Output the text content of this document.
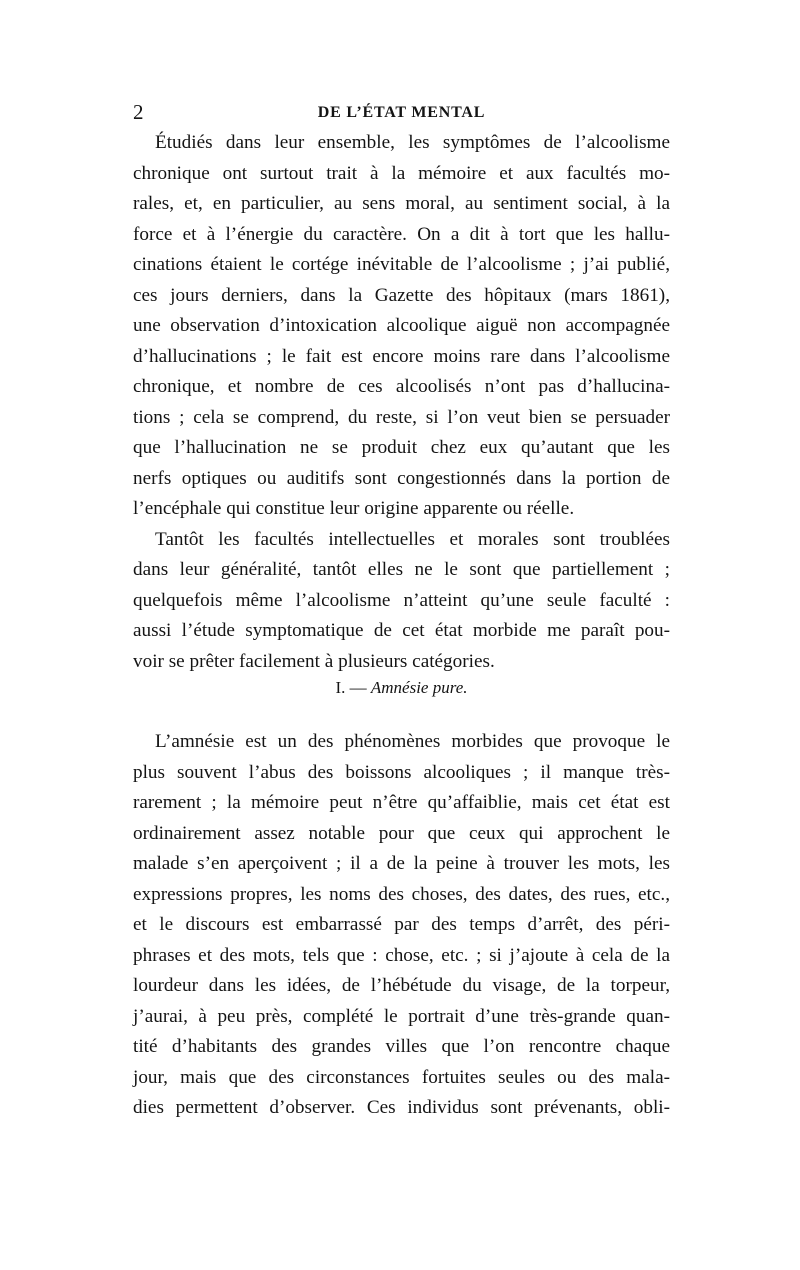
2	DE L’ÉTAT MENTAL
Étudiés dans leur ensemble, les symptômes de l’alcoolisme
chronique ont surtout trait à la mémoire et aux facultés mo-
rales, et, en particulier, au sens moral, au sentiment social, à la
force et à l’énergie du caractère. On a dit à tort que les hallu-
cinations étaient le cortége inévitable de l’alcoolisme ; j’ai publié,
ces jours derniers, dans la Gazette des hôpitaux (mars 1861),
une observation d’intoxication alcoolique aiguë non accompagnée
d’hallucinations ; le fait est encore moins rare dans l’alcoolisme
chronique, et nombre de ces alcoolisés n’ont pas d’hallucina-
tions ; cela se comprend, du reste, si l’on veut bien se persuader
que l’hallucination ne se produit chez eux qu’autant que les
nerfs optiques ou auditifs sont congestionnés dans la portion de
l’encéphale qui constitue leur origine apparente ou réelle.
Tantôt les facultés intellectuelles et morales sont troublées
dans leur généralité, tantôt elles ne le sont que partiellement ;
quelquefois même l’alcoolisme n’atteint qu’une seule faculté :
aussi l’étude symptomatique de cet état morbide me paraît pou-
voir se prêter facilement à plusieurs catégories.
I. — Amnésie pure.
L’amnésie est un des phénomènes morbides que provoque le
plus souvent l’abus des boissons alcooliques ; il manque très-
rarement ; la mémoire peut n’être qu’affaiblie, mais cet état est
ordinairement assez notable pour que ceux qui approchent le
malade s’en aperçoivent ; il a de la peine à trouver les mots, les
expressions propres, les noms des choses, des dates, des rues, etc.,
et le discours est embarrassé par des temps d’arrêt, des péri-
phrases et des mots, tels que : chose, etc. ; si j’ajoute à cela de la
lourdeur dans les idées, de l’hébétude du visage, de la torpeur,
j’aurai, à peu près, complété le portrait d’une très-grande quan-
tité d’habitants des grandes villes que l’on rencontre chaque
jour, mais que des circonstances fortuites seules ou des mala-
dies permettent d’observer. Ces individus sont prévenants, obli-
